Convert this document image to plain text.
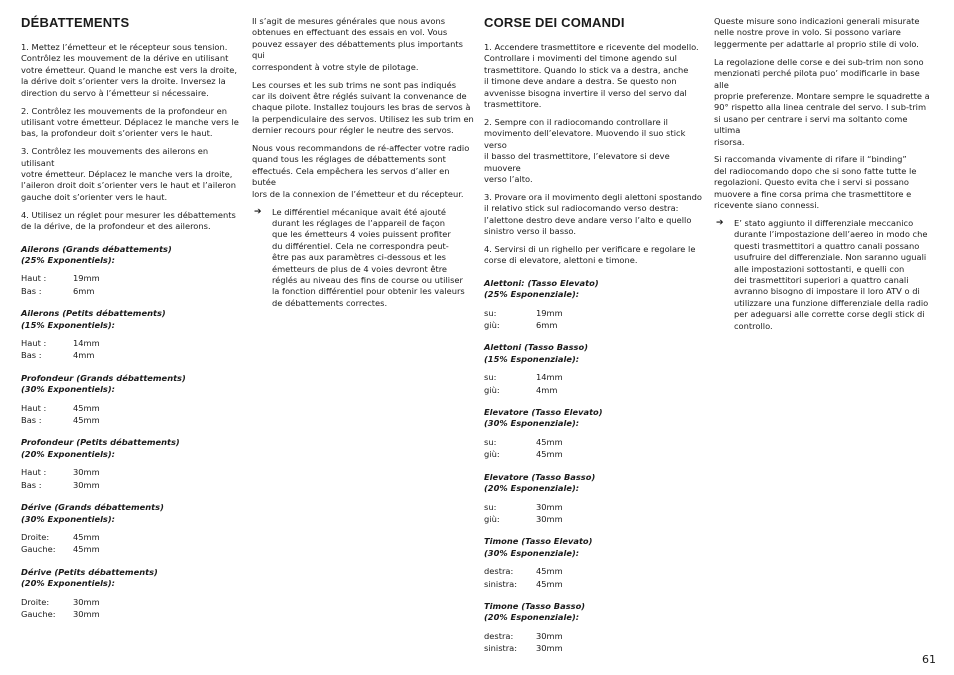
DÉBATTEMENTS

1. Mettez l’émetteur et le récepteur sous tension.
Contrôlez les mouvement de la dérive en utilisant
votre émetteur. Quand le manche est vers la droite,
la dérive doit s’orienter vers la droite. Inversez la
direction du servo à l’émetteur si nécessaire.

2. Contrôlez les mouvements de la profondeur en
utilisant votre émetteur. Déplacez le manche vers le
bas, la profondeur doit s’orienter vers le haut.

3. Contrôlez les mouvements des ailerons en utilisant
votre émetteur. Déplacez le manche vers la droite,
l’aileron droit doit s’orienter vers le haut et l’aileron
gauche doit s’orienter vers le haut.

4. Utilisez un réglet pour mesurer les débattements
de la dérive, de la profondeur et des ailerons.

Ailerons (Grands débattements)
(25% Exponentiels):
Haut :	19mm
Bas :	6mm
Ailerons (Petits débattements)
(15% Exponentiels):
Haut :	14mm
Bas :	4mm
Profondeur (Grands débattements)
(30% Exponentiels):
Haut :	45mm
Bas :	45mm
Profondeur (Petits débattements)
(20% Exponentiels):
Haut :	30mm
Bas :	30mm
Dérive (Grands débattements)
(30% Exponentiels):
Droite:	45mm
Gauche:	45mm
Dérive (Petits débattements)
(20% Exponentiels):
Droite:	30mm
Gauche:	30mm

Il s’agit de mesures générales que nous avons
obtenues en effectuant des essais en vol. Vous
pouvez essayer des débattements plus importants qui
correspondent à votre style de pilotage.

Les courses et les sub trims ne sont pas indiqués
car ils doivent être réglés suivant la convenance de
chaque pilote. Installez toujours les bras de servos à
la perpendiculaire des servos. Utilisez les sub trim en
dernier recours pour régler le neutre des servos.

Nous vous recommandons de ré-affecter votre radio
quand tous les réglages de débattements sont
effectués. Cela empêchera les servos d’aller en butée
lors de la connexion de l’émetteur et du récepteur.

➔	Le différentiel mécanique avait été ajouté
durant les réglages de l’appareil de façon
que les émetteurs 4 voies puissent profiter
du différentiel. Cela ne correspondra peut-
être pas aux paramètres ci-dessous et les
émetteurs de plus de 4 voies devront être
réglés au niveau des fins de course ou utiliser
la fonction différentiel pour obtenir les valeurs
de débattements correctes.
CORSE DEI COMANDI

1. Accendere trasmettitore e ricevente del modello.
Controllare i movimenti del timone agendo sul
trasmettitore. Quando lo stick va a destra, anche
il timone deve andare a destra. Se questo non
avvenisse bisogna invertire il verso del servo dal
trasmettitore.

2. Sempre con il radiocomando controllare il
movimento dell’elevatore. Muovendo il suo stick verso
il basso del trasmettitore, l’elevatore si deve muovere
verso l’alto.

3. Provare ora il movimento degli alettoni spostando
il relativo stick sul radiocomando verso destra:
l’alettone destro deve andare verso l’alto e quello
sinistro verso il basso.

4. Servirsi di un righello per verificare e regolare le
corse di elevatore, alettoni e timone.

Alettoni: (Tasso Elevato)
(25% Esponenziale):
su:	19mm
giù:	6mm
Alettoni (Tasso Basso)
(15% Esponenziale):
su:	14mm
giù:	4mm
Elevatore (Tasso Elevato)
(30% Esponenziale):
su:	45mm
giù:	45mm
Elevatore (Tasso Basso)
(20% Esponenziale):
su:	30mm
giù:	30mm
Timone (Tasso Elevato)
(30% Esponenziale):
destra:	45mm
sinistra:	45mm
Timone (Tasso Basso)
(20% Esponenziale):
destra:	30mm
sinistra:	30mm

Queste misure sono indicazioni generali misurate
nelle nostre prove in volo. Si possono variare
leggermente per adattarle al proprio stile di volo.

La regolazione delle corse e dei sub-trim non sono
menzionati perché pilota puo’ modificarle in base alle
proprie preferenze. Montare sempre le squadrette a
90° rispetto alla linea centrale del servo. I sub-trim
si usano per centrare i servi ma soltanto come ultima
risorsa.

Si raccomanda vivamente di rifare il “binding”
del radiocomando dopo che si sono fatte tutte le
regolazioni. Questo evita che i servi si possano
muovere a fine corsa prima che trasmettitore e
ricevente siano connessi.

➔	E’ stato aggiunto il differenziale meccanico
durante l’impostazione dell’aereo in modo che
questi trasmettitori a quattro canali possano
usufruire del differenziale. Non saranno uguali
alle impostazioni sottostanti, e quelli con
dei trasmettitori superiori a quattro canali
avranno bisogno di impostare il loro ATV o di
utilizzare una funzione differenziale della radio
per adeguarsi alle corrette corse degli stick di
controllo.
61
